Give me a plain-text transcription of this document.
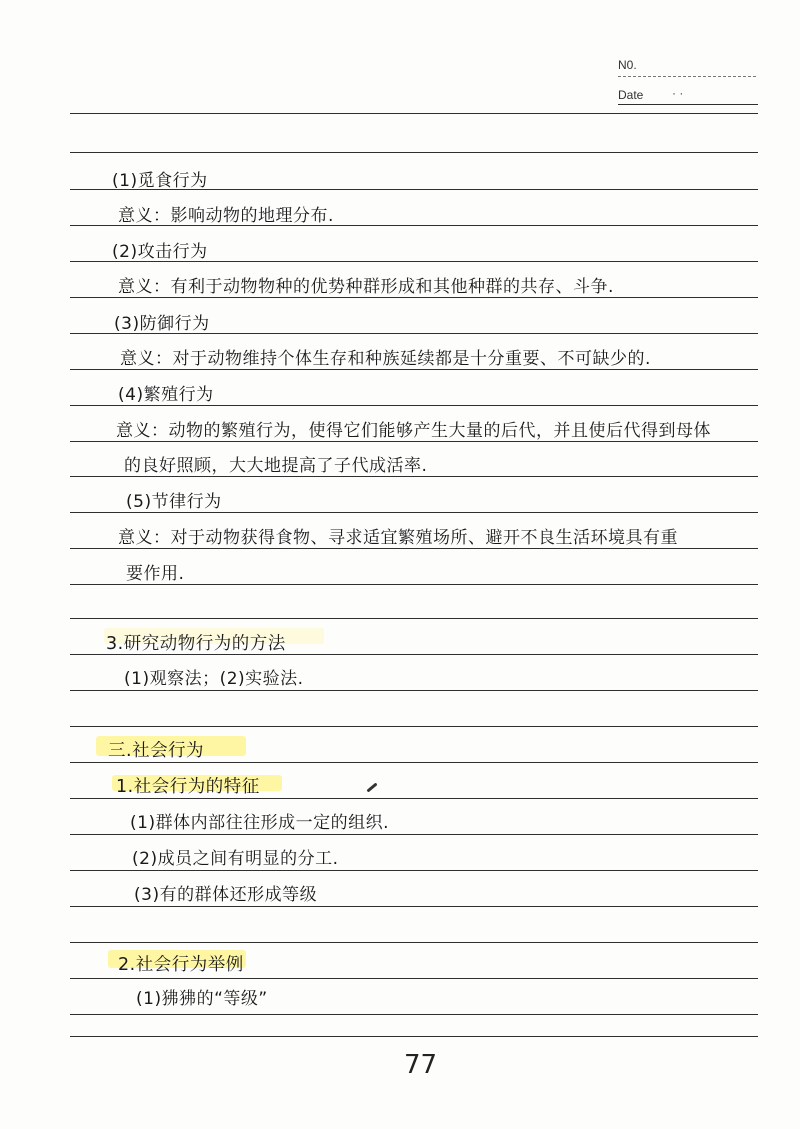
N0.
Date	· ·
(1)觅食行为
意义：影响动物的地理分布.
(2)攻击行为
意义：有利于动物物种的优势种群形成和其他种群的共存、斗争.
(3)防御行为
意义：对于动物维持个体生存和种族延续都是十分重要、不可缺少的.
(4)繁殖行为
意义：动物的繁殖行为，使得它们能够产生大量的后代，并且使后代得到母体
的良好照顾，大大地提高了子代成活率.
(5)节律行为
意义：对于动物获得食物、寻求适宜繁殖场所、避开不良生活环境具有重
要作用.
3.研究动物行为的方法
(1)观察法；(2)实验法.
三.社会行为
1.社会行为的特征
(1)群体内部往往形成一定的组织.
(2)成员之间有明显的分工.
(3)有的群体还形成等级
2.社会行为举例
(1)狒狒的“等级”
77
